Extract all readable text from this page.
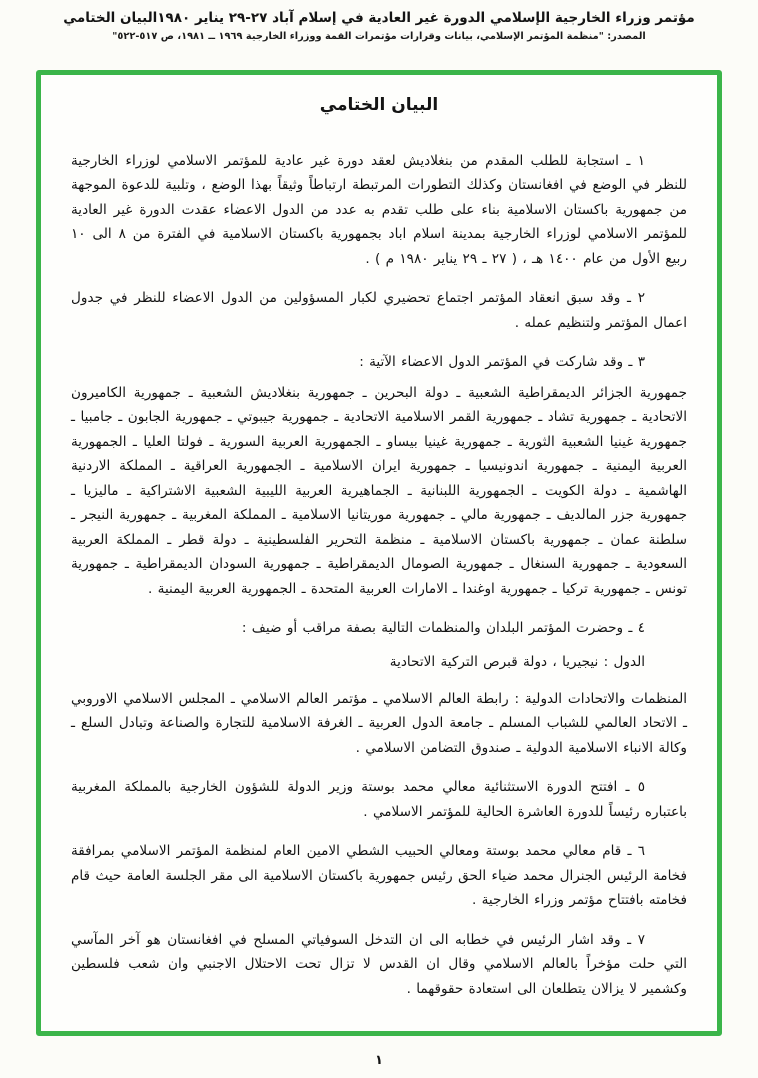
مؤتمر وزراء الخارجية الإسلامي الدورة غير العادية في إسلام آباد ٢٧-٢٩ يناير ١٩٨٠البيان الختامي
المصدر: "منظمة المؤتمر الإسلامي، بيانات وقرارات مؤتمرات القمة ووزراء الخارجية ١٩٦٩ ــ ١٩٨١، ص ٥١٧-٥٢٢"
البيان الختامي

١ ـ استجابة للطلب المقدم من بنغلاديش لعقد دورة غير عادية للمؤتمر الاسلامي لوزراء الخارجية للنظر في الوضع في افغانستان وكذلك التطورات المرتبطة ارتباطاً وثيقاً بهذا الوضع ، وتلبية للدعوة الموجهة من جمهورية باكستان الاسلامية بناء على طلب تقدم به عدد من الدول الاعضاء عقدت الدورة غير العادية للمؤتمر الاسلامي لوزراء الخارجية بمدينة اسلام اباد بجمهورية باكستان الاسلامية في الفترة من ٨ الى ١٠ ربيع الأول من عام ١٤٠٠ هـ ، ( ٢٧ ـ ٢٩ يناير ١٩٨٠ م ) .

٢ ـ وقد سبق انعقاد المؤتمر اجتماع تحضيري لكبار المسؤولين من الدول الاعضاء للنظر في جدول اعمال المؤتمر ولتنظيم عمله .

٣ ـ وقد شاركت في المؤتمر الدول الاعضاء الآتية :

جمهورية الجزائر الديمقراطية الشعبية ـ دولة البحرين ـ جمهورية بنغلاديش الشعبية ـ جمهورية الكاميرون الاتحادية ـ جمهورية تشاد ـ جمهورية القمر الاسلامية الاتحادية ـ جمهورية جيبوتي ـ جمهورية الجابون ـ جامبيا ـ جمهورية غينيا الشعبية الثورية ـ جمهورية غينيا بيساو ـ الجمهورية العربية السورية ـ فولتا العليا ـ الجمهورية العربية اليمنية ـ جمهورية اندونيسيا ـ جمهورية ايران الاسلامية ـ الجمهورية العراقية ـ المملكة الاردنية الهاشمية ـ دولة الكويت ـ الجمهورية اللبنانية ـ الجماهيرية العربية الليبية الشعبية الاشتراكية ـ ماليزيا ـ جمهورية جزر المالديف ـ جمهورية مالي ـ جمهورية موريتانيا الاسلامية ـ المملكة المغربية ـ جمهورية النيجر ـ سلطنة عمان ـ جمهورية باكستان الاسلامية ـ منظمة التحرير الفلسطينية ـ دولة قطر ـ المملكة العربية السعودية ـ جمهورية السنغال ـ جمهورية الصومال الديمقراطية ـ جمهورية السودان الديمقراطية ـ جمهورية تونس ـ جمهورية تركيا ـ جمهورية اوغندا ـ الامارات العربية المتحدة ـ الجمهورية العربية اليمنية .

٤ ـ وحضرت المؤتمر البلدان والمنظمات التالية بصفة مراقب أو ضيف :

الدول : نيجيريا ، دولة قبرص التركية الاتحادية

المنظمات والاتحادات الدولية : رابطة العالم الاسلامي ـ مؤتمر العالم الاسلامي ـ المجلس الاسلامي الاوروبي ـ الاتحاد العالمي للشباب المسلم ـ جامعة الدول العربية ـ الغرفة الاسلامية للتجارة والصناعة وتبادل السلع ـ وكالة الانباء الاسلامية الدولية ـ صندوق التضامن الاسلامي .

٥ ـ افتتح الدورة الاستثنائية معالي محمد بوستة وزير الدولة للشؤون الخارجية بالمملكة المغربية باعتباره رئيساً للدورة العاشرة الحالية للمؤتمر الاسلامي .

٦ ـ قام معالي محمد بوستة ومعالي الحبيب الشطي الامين العام لمنظمة المؤتمر الاسلامي بمرافقة فخامة الرئيس الجنرال محمد ضياء الحق رئيس جمهورية باكستان الاسلامية الى مقر الجلسة العامة حيث قام فخامته بافتتاح مؤتمر وزراء الخارجية .

٧ ـ وقد اشار الرئيس في خطابه الى ان التدخل السوفياتي المسلح في افغانستان هو آخر المآسي التي حلت مؤخراً بالعالم الاسلامي وقال ان القدس لا تزال تحت الاحتلال الاجنبي وان شعب فلسطين وكشمير لا يزالان يتطلعان الى استعادة حقوقهما .

١
